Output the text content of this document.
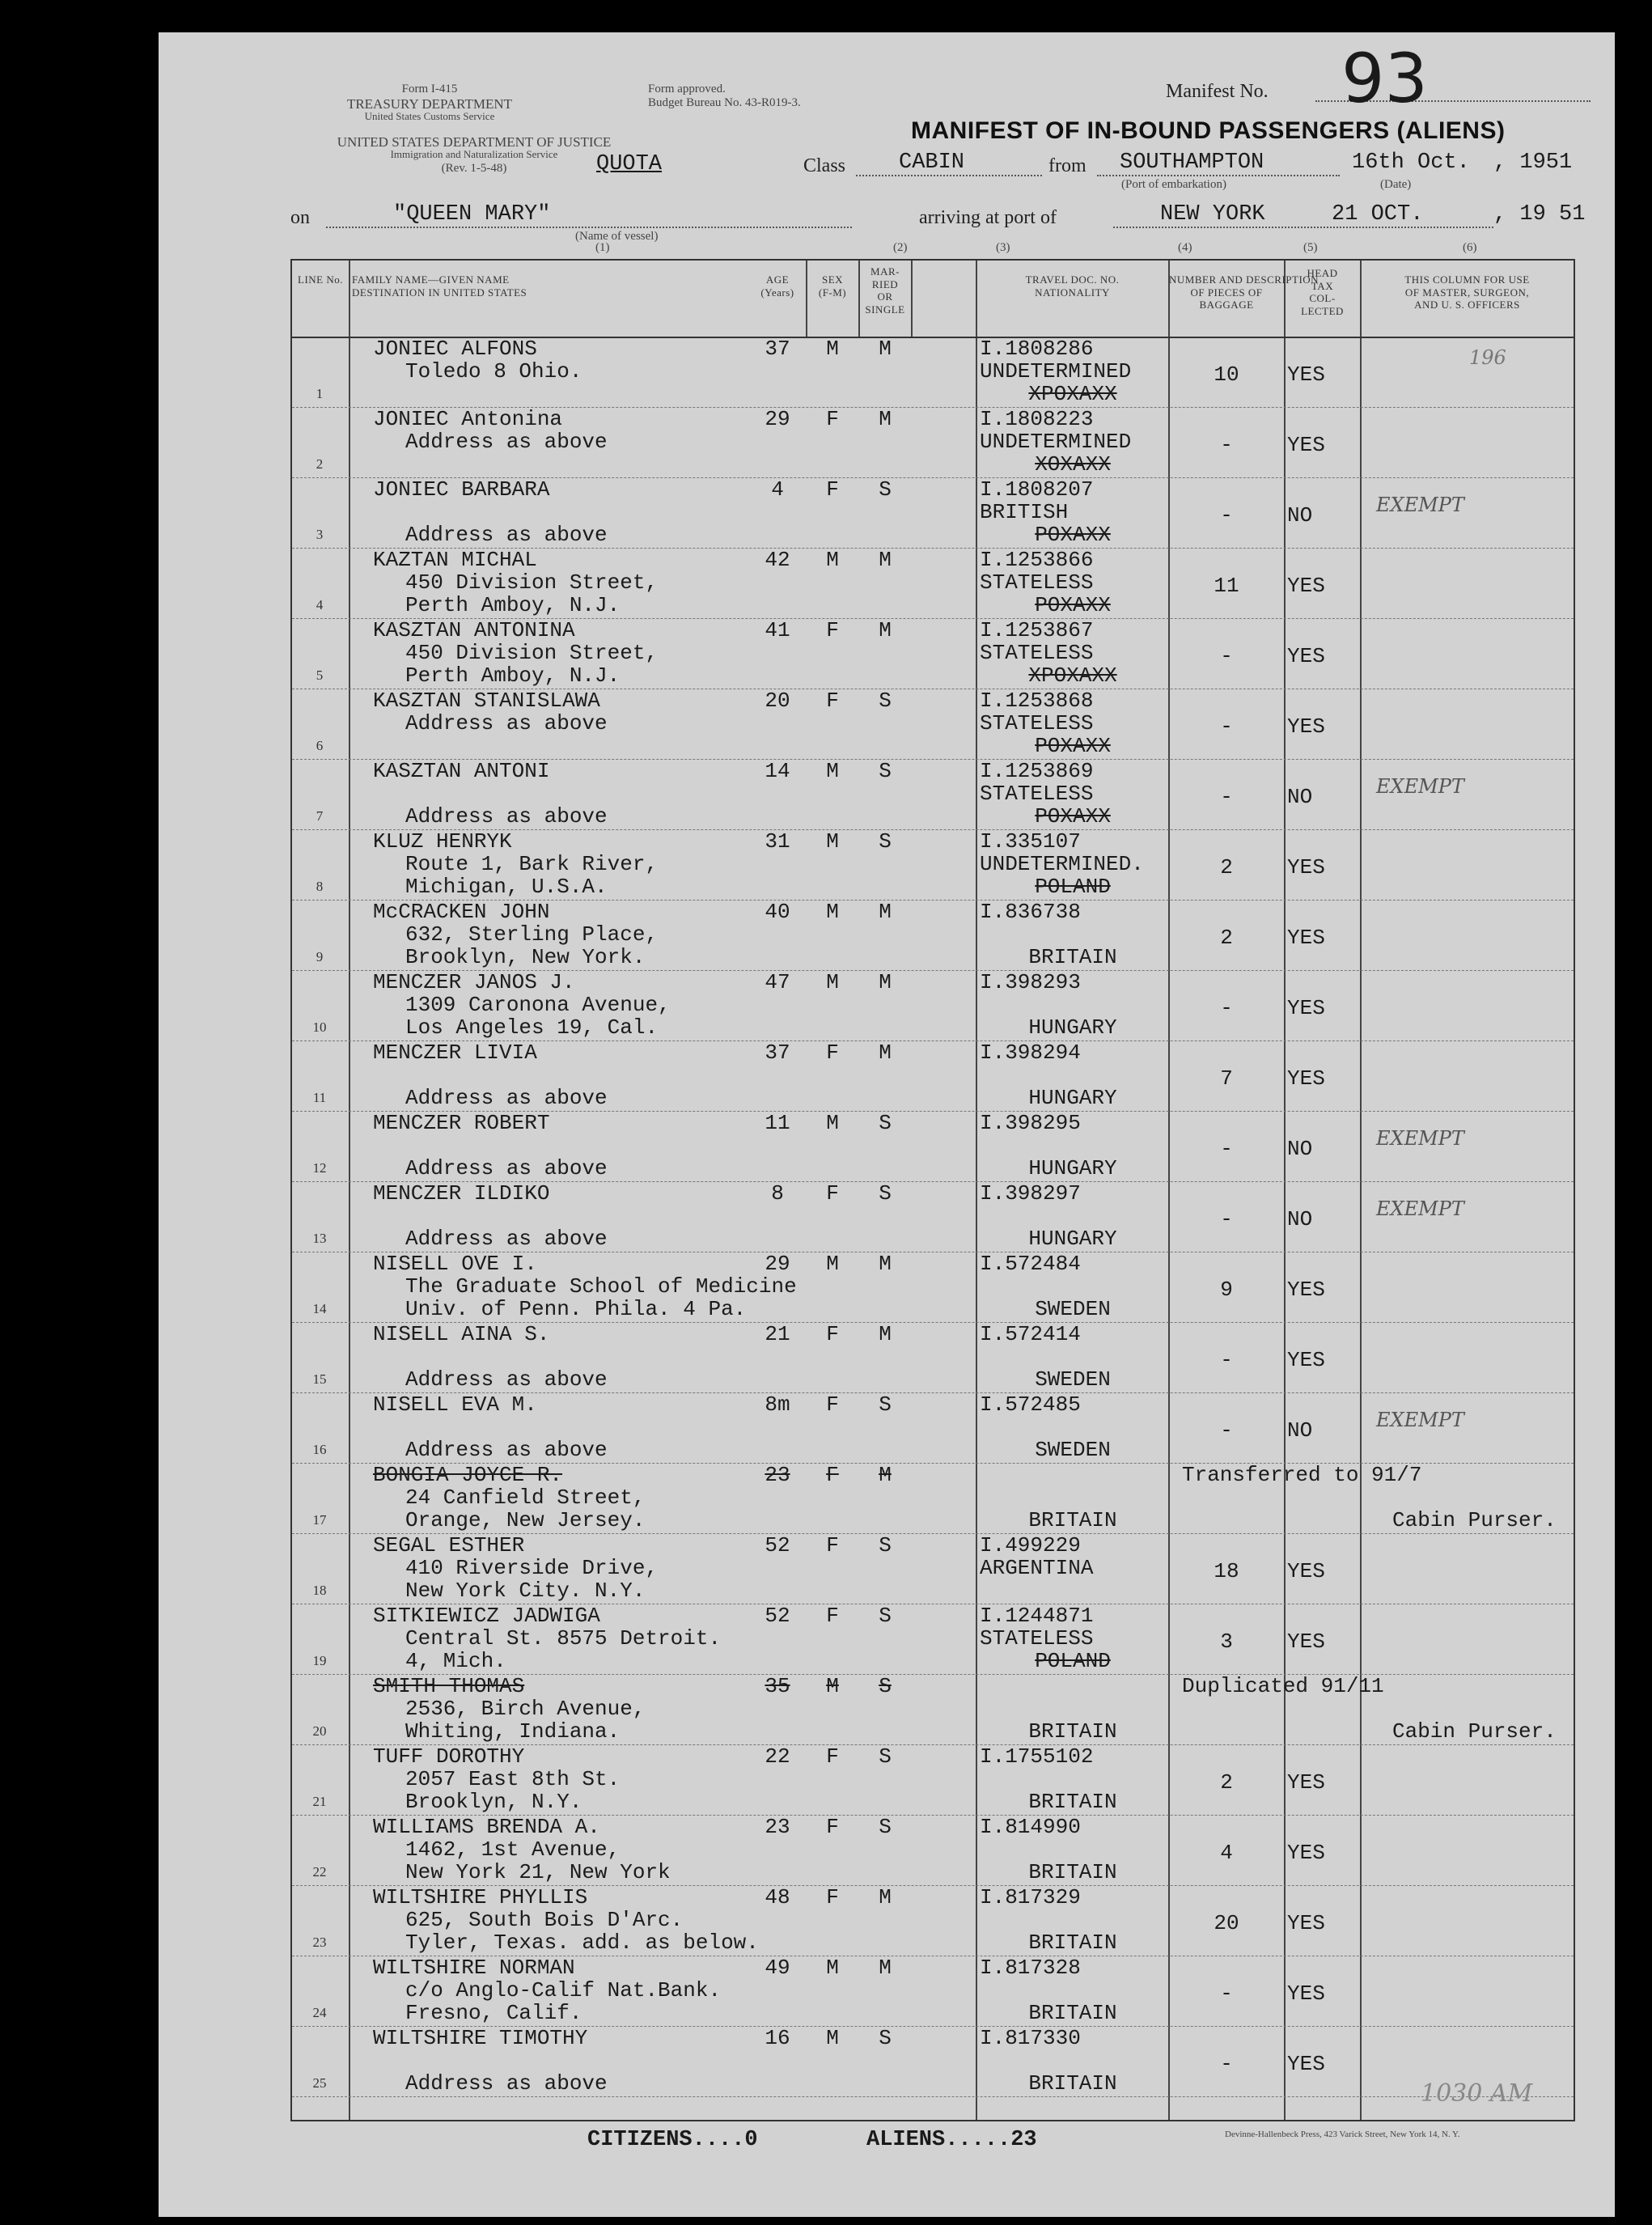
Form I-415
TREASURY DEPARTMENT
United States Customs Service
Form approved.
Budget Bureau No. 43-R019-3.
UNITED STATES DEPARTMENT OF JUSTICE
Immigration and Naturalization Service
(Rev. 1-5-48)	QUOTA
Manifest No. 93
MANIFEST OF IN-BOUND PASSENGERS (ALIENS)
Class CABIN	from SOUTHAMPTON
(Port of embarkation)
16th Oct.
(Date)
, 1951
on	"QUEEN MARY"
(Name of vessel)
arriving at port of	NEW YORK	21 OCT.	, 19 51
(1)	(2)	(3)	(4)	(5)	(6)
196
LINE No. FAMILY NAME—GIVEN NAME
DESTINATION IN UNITED STATES
AGE
(Years)
SEX
(F-M)
MAR-
RIED
OR
SINGLE
TRAVEL DOC. NO.
NATIONALITY
NUMBER AND DESCRIPTION
OF PIECES OF
BAGGAGE
HEAD
TAX
COL-
LECTED
THIS COLUMN FOR USE
OF MASTER, SURGEON,
AND U. S. OFFICERS
1
JONIEC ALFONS
Toledo 8 Ohio.
37	M	M	I.1808286
UNDETERMINED
XPOXAXX
10	YES
2
JONIEC Antonina
Address as above
29	F	M	I.1808223
UNDETERMINED
XOXAXX
-	YES
3
JONIEC BARBARA
Address as above
4	F	S	I.1808207
BRITISH
POXAXX
-	NO	EXEMPT
4
KAZTAN MICHAL
450 Division Street,
Perth Amboy, N.J.
42	M	M	I.1253866
STATELESS
POXAXX
11	YES
5
KASZTAN ANTONINA
450 Division Street,
Perth Amboy, N.J.
41	F	M	I.1253867
STATELESS
XPOXAXX
-	YES
6
KASZTAN STANISLAWA
Address as above
20	F	S	I.1253868
STATELESS
POXAXX
-	YES
7
KASZTAN ANTONI
Address as above
14	M	S	I.1253869
STATELESS
POXAXX
-	NO	EXEMPT
8
KLUZ HENRYK
Route 1, Bark River,
Michigan, U.S.A.
31	M	S	I.335107
UNDETERMINED.
POLAND
2	YES
9
McCRACKEN JOHN
632, Sterling Place,
Brooklyn, New York.
40	M	M	I.836738
BRITAIN
2	YES
10
MENCZER JANOS J.
1309 Caronona Avenue,
Los Angeles 19, Cal.
47	M	M	I.398293
HUNGARY
-	YES
11
MENCZER LIVIA
Address as above
37	F	M	I.398294
HUNGARY
7	YES
12
MENCZER ROBERT
Address as above
11	M	S	I.398295
HUNGARY
-	NO	EXEMPT
13
MENCZER ILDIKO
Address as above
8	F	S	I.398297
HUNGARY
-	NO	EXEMPT
14
NISELL OVE I.
The Graduate School of Medicine
Univ. of Penn. Phila. 4 Pa.
29	M	M	I.572484
SWEDEN
9	YES
15
NISELL AINA S.
Address as above
21	F	M	I.572414
SWEDEN
-	YES
16
NISELL EVA M.
Address as above
8m	F	S	I.572485
SWEDEN
-	NO	EXEMPT
17
BONGIA JOYCE R.
24 Canfield Street,
Orange, New Jersey.
23	F	M
BRITAIN
Transferred to 91/7
Cabin Purser.
18
SEGAL ESTHER
410 Riverside Drive,
New York City. N.Y.
52	F	S	I.499229
ARGENTINA	18	YES
19
SITKIEWICZ JADWIGA
Central St. 8575 Detroit.
4, Mich.
52	F	S	I.1244871
STATELESS
POLAND
3	YES
20
SMITH THOMAS
2536, Birch Avenue,
Whiting, Indiana.
35	M	S
BRITAIN
Duplicated 91/11
Cabin Purser.
21
TUFF DOROTHY
2057 East 8th St.
Brooklyn, N.Y.
22	F	S	I.1755102
BRITAIN
2	YES
22
WILLIAMS BRENDA A.
1462, 1st Avenue,
New York 21, New York
23	F	S	I.814990
BRITAIN
4	YES
23
WILTSHIRE PHYLLIS
625, South Bois D'Arc.
Tyler, Texas. add. as below.
48	F	M	I.817329
BRITAIN
20	YES
24
WILTSHIRE NORMAN
c/o Anglo-Calif Nat.Bank.
Fresno, Calif.
49	M	M	I.817328
BRITAIN
-	YES
25
WILTSHIRE TIMOTHY
Address as above
16	M	S	I.817330
BRITAIN
-	YES
CITIZENS....0	ALIENS.....23	Devinne-Hallenbeck Press, 423 Varick Street, New York 14, N. Y.
1030 AM
